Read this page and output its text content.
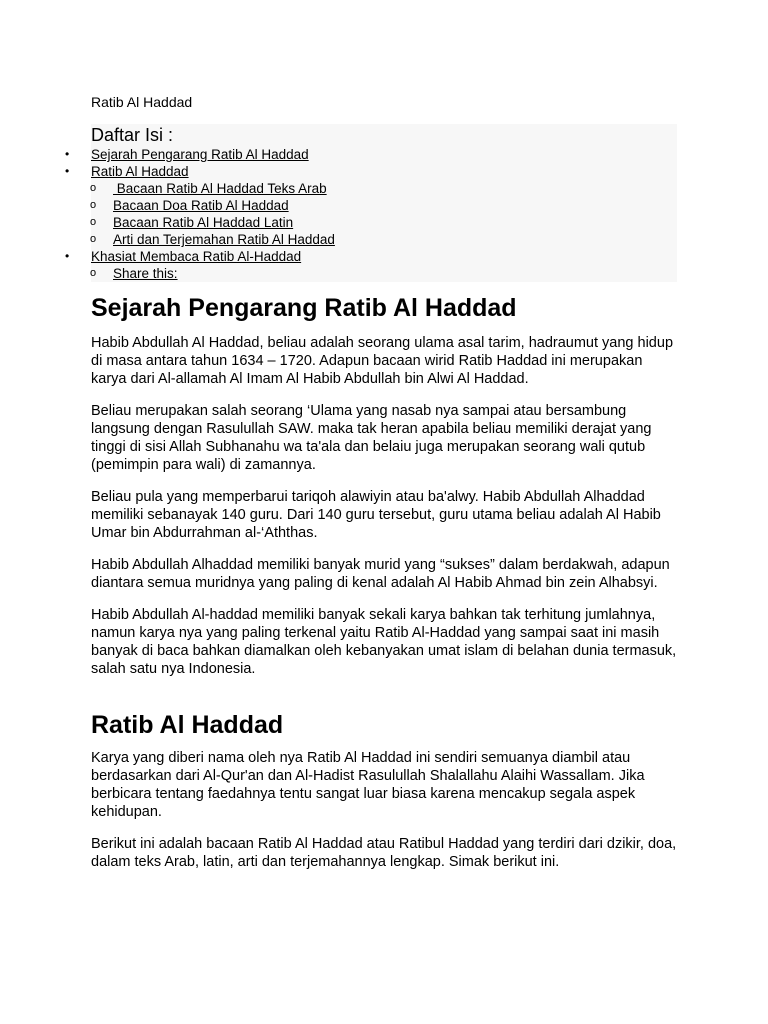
Ratib Al Haddad
Daftar Isi :
• Sejarah Pengarang Ratib Al Haddad
• Ratib Al Haddad
o Bacaan Ratib Al Haddad Teks Arab
o Bacaan Doa Ratib Al Haddad
o Bacaan Ratib Al Haddad Latin
o Arti dan Terjemahan Ratib Al Haddad
• Khasiat Membaca Ratib Al-Haddad
o Share this:
Sejarah Pengarang Ratib Al Haddad

Habib Abdullah Al Haddad, beliau adalah seorang ulama asal tarim, hadraumut yang hidup di masa antara tahun 1634 – 1720. Adapun bacaan wirid Ratib Haddad ini merupakan karya dari Al-allamah Al Imam Al Habib Abdullah bin Alwi Al Haddad.

Beliau merupakan salah seorang ‘Ulama yang nasab nya sampai atau bersambung langsung dengan Rasulullah SAW. maka tak heran apabila beliau memiliki derajat yang tinggi di sisi Allah Subhanahu wa ta'ala dan belaiu juga merupakan seorang wali qutub (pemimpin para wali) di zamannya.

Beliau pula yang memperbarui tariqoh alawiyin atau ba'alwy. Habib Abdullah Alhaddad memiliki sebanayak 140 guru. Dari 140 guru tersebut, guru utama beliau adalah Al Habib Umar bin Abdurrahman al-‘Aththas.

Habib Abdullah Alhaddad memiliki banyak murid yang “sukses” dalam berdakwah, adapun diantara semua muridnya yang paling di kenal adalah Al Habib Ahmad bin zein Alhabsyi.

Habib Abdullah Al-haddad memiliki banyak sekali karya bahkan tak terhitung jumlahnya, namun karya nya yang paling terkenal yaitu Ratib Al-Haddad yang sampai saat ini masih banyak di baca bahkan diamalkan oleh kebanyakan umat islam di belahan dunia termasuk, salah satu nya Indonesia.

Ratib Al Haddad

Karya yang diberi nama oleh nya Ratib Al Haddad ini sendiri semuanya diambil atau berdasarkan dari Al-Qur'an dan Al-Hadist Rasulullah Shalallahu Alaihi Wassallam. Jika berbicara tentang faedahnya tentu sangat luar biasa karena mencakup segala aspek kehidupan.

Berikut ini adalah bacaan Ratib Al Haddad atau Ratibul Haddad yang terdiri dari dzikir, doa, dalam teks Arab, latin, arti dan terjemahannya lengkap. Simak berikut ini.
